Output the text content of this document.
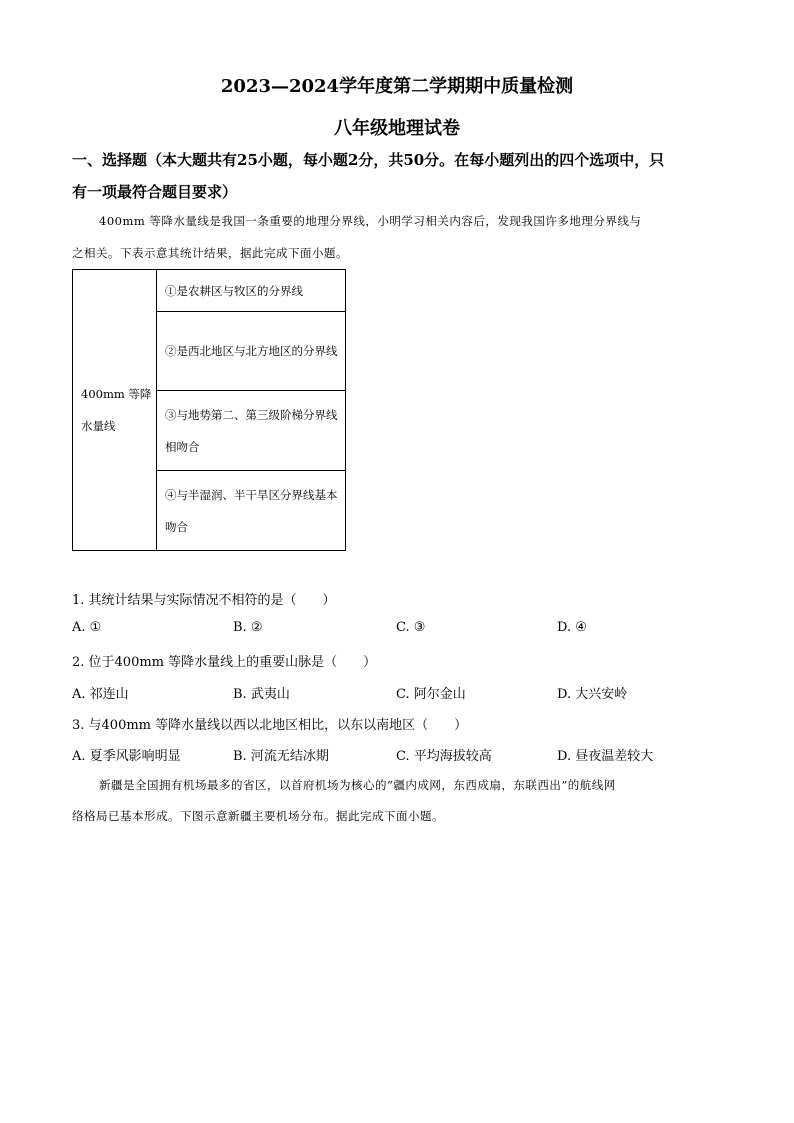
2023—2024学年度第二学期期中质量检测
八年级地理试卷
一、选择题（本大题共有25小题，每小题2分，共50分。在每小题列出的四个选项中，只
有一项最符合题目要求）
400mm 等降水量线是我国一条重要的地理分界线，小明学习相关内容后，发现我国许多地理分界线与
之相关。下表示意其统计结果，据此完成下面小题。
400mm 等降
水量线
	①是农耕区与牧区的分界线
②是西北地区与北方地区的分界线
③与地势第二、第三级阶梯分界线相吻合
④与半湿润、半干旱区分界线基本吻合
1. 其统计结果与实际情况不相符的是（　　）
A. ①	B. ②	C. ③	D. ④
2. 位于400mm 等降水量线上的重要山脉是（　　）
A. 祁连山	B. 武夷山	C. 阿尔金山	D. 大兴安岭
3. 与400mm 等降水量线以西以北地区相比，以东以南地区（　　）
A. 夏季风影响明显	B. 河流无结冰期	C. 平均海拔较高	D. 昼夜温差较大
新疆是全国拥有机场最多的省区，以首府机场为核心的“疆内成网，东西成扇，东联西出”的航线网
络格局已基本形成。下图示意新疆主要机场分布。据此完成下面小题。
